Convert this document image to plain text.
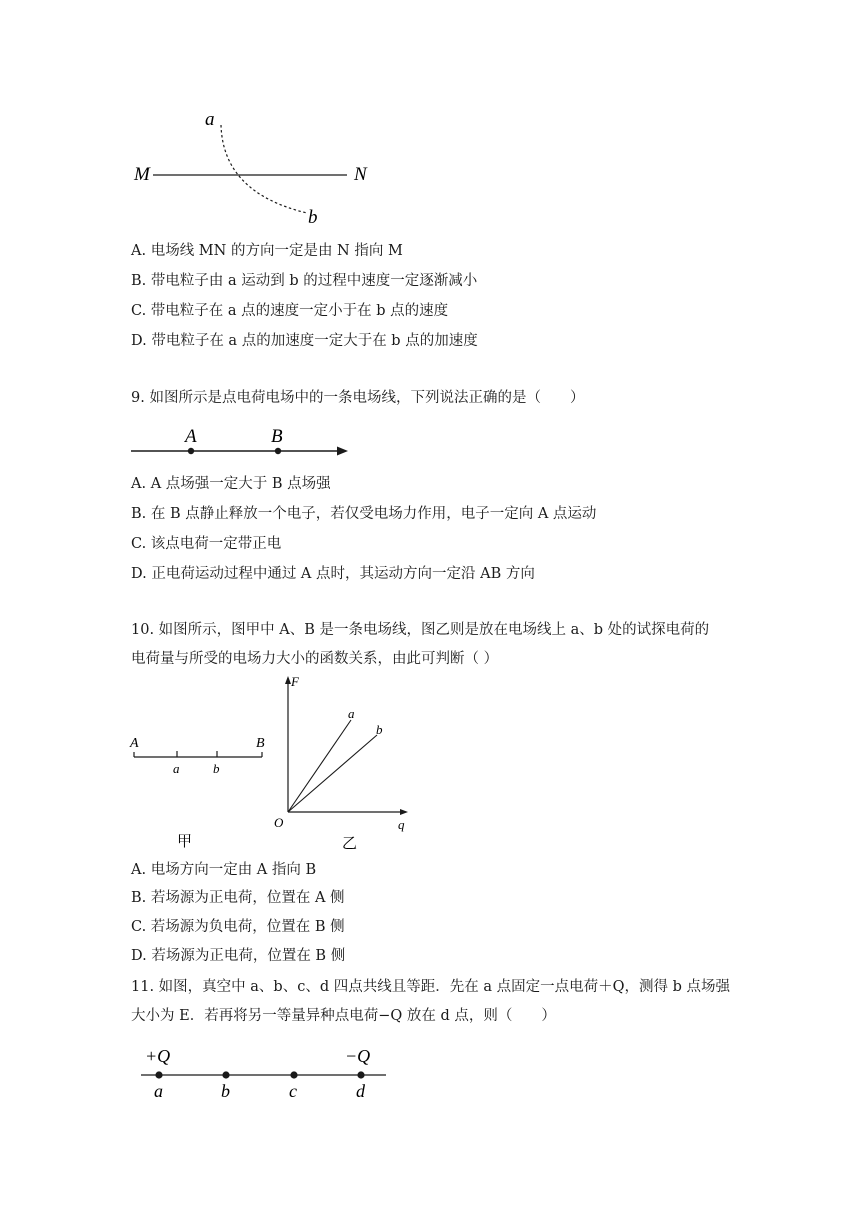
a
b
M	N
A. 电场线 MN 的方向一定是由 N 指向 M
B. 带电粒子由 a 运动到 b 的过程中速度一定逐渐减小
C. 带电粒子在 a 点的速度一定小于在 b 点的速度
D. 带电粒子在 a 点的加速度一定大于在 b 点的加速度
9. 如图所示是点电荷电场中的一条电场线，下列说法正确的是（　　）
A	B
A. A 点场强一定大于 B 点场强
B. 在 B 点静止释放一个电子，若仅受电场力作用，电子一定向 A 点运动
C. 该点电荷一定带正电
D. 正电荷运动过程中通过 A 点时，其运动方向一定沿 AB 方向
10. 如图所示，图甲中 A、B 是一条电场线，图乙则是放在电场线上 a、b 处的试探电荷的
电荷量与所受的电场力大小的函数关系，由此可判断（ ）
A	B
a	b
甲
F
a
b
O	q
乙
A. 电场方向一定由 A 指向 B
B. 若场源为正电荷，位置在 A 侧
C. 若场源为负电荷，位置在 B 侧
D. 若场源为正电荷，位置在 B 侧
11. 如图，真空中 a、b、c、d 四点共线且等距．先在 a 点固定一点电荷＋Q，测得 b 点场强
大小为 E．若再将另一等量异种点电荷−Q 放在 d 点，则（　　）
+Q	−Q
a	b	c	d
